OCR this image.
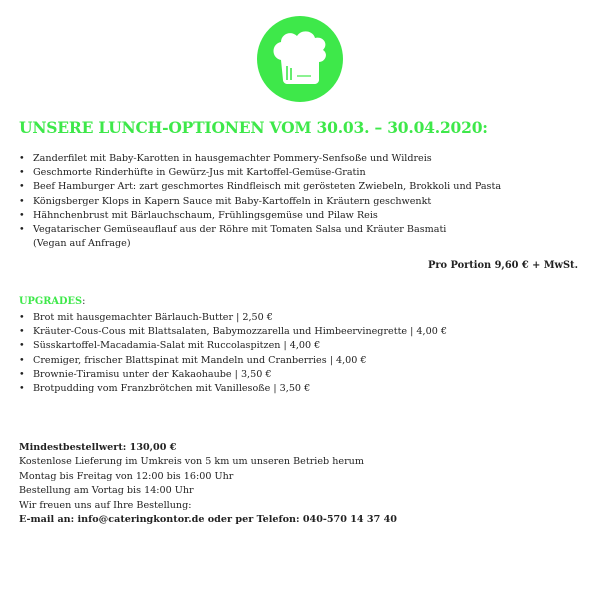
UNSERE LUNCH-OPTIONEN VOM 30.03. – 30.04.2020:
• Zanderfilet mit Baby-Karotten in hausgemachter Pommery-Senfsoße und Wildreis
• Geschmorte Rinderhüfte in Gewürz-Jus mit Kartoffel-Gemüse-Gratin
• Beef Hamburger Art: zart geschmortes Rindfleisch mit gerösteten Zwiebeln, Brokkoli und Pasta
• Königsberger Klops in Kapern Sauce mit Baby-Kartoffeln in Kräutern geschwenkt
• Hähnchenbrust mit Bärlauchschaum, Frühlingsgemüse und Pilaw Reis
• Vegatarischer Gemüseauflauf aus der Röhre mit Tomaten Salsa und Kräuter Basmati
(Vegan auf Anfrage)
Pro Portion 9,60 € + MwSt.
UPGRADES:
• Brot mit hausgemachter Bärlauch-Butter | 2,50 €
• Kräuter-Cous-Cous mit Blattsalaten, Babymozzarella und Himbeervinegrette | 4,00 €
• Süsskartoffel-Macadamia-Salat mit Ruccolaspitzen | 4,00 €
• Cremiger, frischer Blattspinat mit Mandeln und Cranberries | 4,00 €
• Brownie-Tiramisu unter der Kakaohaube | 3,50 €
• Brotpudding vom Franzbrötchen mit Vanillesoße | 3,50 €
Mindestbestellwert: 130,00 €
Kostenlose Lieferung im Umkreis von 5 km um unseren Betrieb herum
Montag bis Freitag von 12:00 bis 16:00 Uhr
Bestellung am Vortag bis 14:00 Uhr
Wir freuen uns auf Ihre Bestellung:
E-mail an: info@cateringkontor.de oder per Telefon: 040-570 14 37 40
